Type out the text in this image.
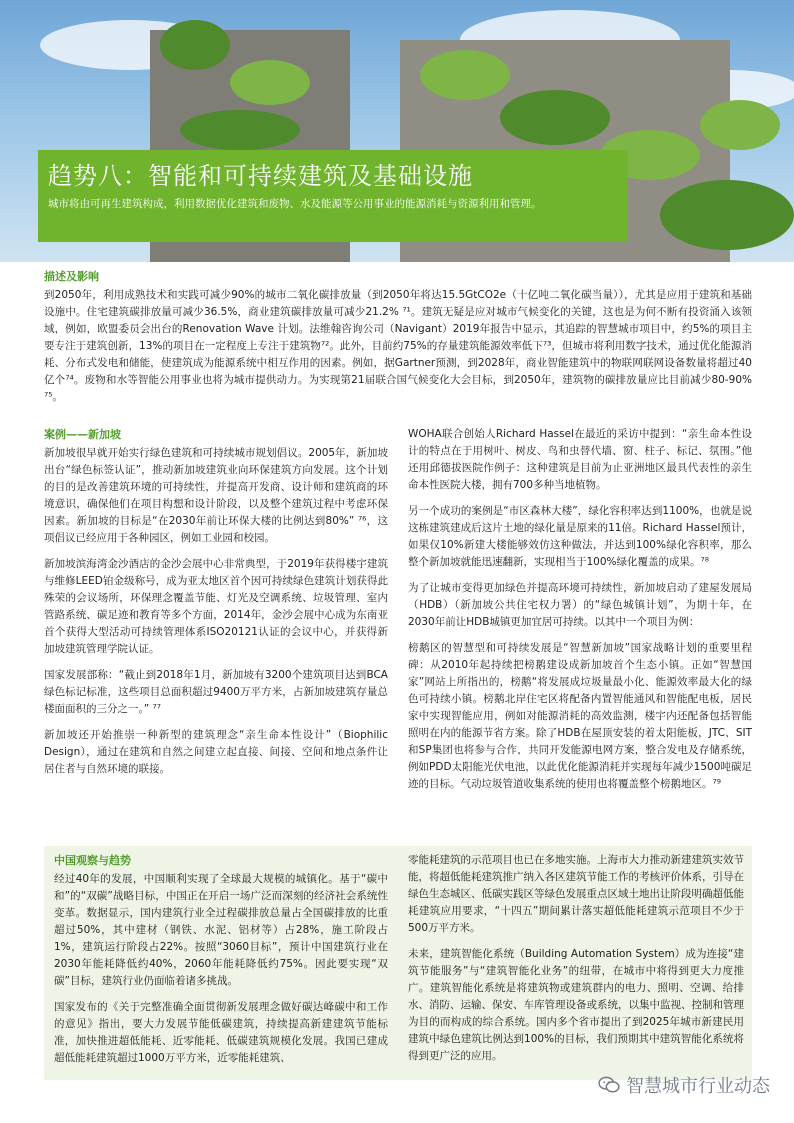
趋势八：智能和可持续建筑及基础设施

城市将由可再生建筑构成，利用数据优化建筑和废物、水及能源等公用事业的能源消耗与资源利用和管理。

描述及影响

到2050年，利用成熟技术和实践可减少90%的城市二氧化碳排放量（到2050年将达15.5GtCO2e（十亿吨二氧化碳当量）），尤其是应用于建筑和基础设施中。住宅建筑碳排放量可减少36.5%，商业建筑碳排放量可减少21.2% ⁷¹。建筑无疑是应对城市气候变化的关键，这也是为何不断有投资涌入该领域，例如，欧盟委员会出台的Renovation Wave 计划。法维翰咨询公司（Navigant）2019年报告中显示，其追踪的智慧城市项目中，约5%的项目主要专注于建筑创新，13%的项目在一定程度上专注于建筑物⁷²。此外，目前约75%的存量建筑能源效率低下⁷³，但城市将利用数字技术，通过优化能源消耗、分布式发电和储能，使建筑成为能源系统中相互作用的因素。例如，据Gartner预测，到2028年，商业智能建筑中的物联网联网设备数量将超过40亿个⁷⁴。废物和水等智能公用事业也将为城市提供动力。为实现第21届联合国气候变化大会目标，到2050年，建筑物的碳排放量应比目前减少80-90% ⁷⁵。

案例——新加坡

新加坡很早就开始实行绿色建筑和可持续城市规划倡议。2005年，新加坡出台“绿色标签认证”，推动新加坡建筑业向环保建筑方向发展。这个计划的目的是改善建筑环境的可持续性，并提高开发商、设计师和建筑商的环境意识，确保他们在项目构想和设计阶段，以及整个建筑过程中考虑环保因素。新加坡的目标是“在2030年前让环保大楼的比例达到80%” ⁷⁶，这项倡议已经应用于各种园区，例如工业园和校园。

新加坡滨海湾金沙酒店的金沙会展中心非常典型，于2019年获得楼宇建筑与维修LEED铂金级称号，成为亚太地区首个因可持续绿色建筑计划获得此殊荣的会议场所，环保理念覆盖节能、灯光及空调系统、垃圾管理、室内管路系统、碳足迹和教育等多个方面，2014年，金沙会展中心成为东南亚首个获得大型活动可持续管理体系ISO20121认证的会议中心，并获得新加坡建筑管理学院认证。

国家发展部称：“截止到2018年1月，新加坡有3200个建筑项目达到BCA绿色标记标准，这些项目总面积超过9400万平方米，占新加坡建筑存量总楼面面积的三分之一。” ⁷⁷

新加坡还开始推崇一种新型的建筑理念“亲生命本性设计”（Biophilic Design），通过在建筑和自然之间建立起直接、间接、空间和地点条件让居住者与自然环境的联接。

WOHA联合创始人Richard Hassel在最近的采访中提到：“亲生命本性设计的特点在于用树叶、树皮、鸟和虫替代墙、窗、柱子、标记、氛围。”他还用邱德拔医院作例子：这种建筑是目前为止亚洲地区最具代表性的亲生命本性医院大楼，拥有700多种当地植物。

另一个成功的案例是“市区森林大楼”，绿化容积率达到1100%，也就是说这栋建筑建成后这片土地的绿化量是原来的11倍。Richard Hassel预计，如果仅10%新建大楼能够效仿这种做法，并达到100%绿化容积率，那么整个新加坡就能迅速翻新，实现相当于100%绿化覆盖的成果。⁷⁸

为了让城市变得更加绿色并提高环境可持续性，新加坡启动了建屋发展局（HDB）（新加坡公共住宅权力署）的“绿色城镇计划”，为期十年，在2030年前让HDB城镇更加宜居可持续。以其中一个项目为例：

榜鹅区的智慧型和可持续发展是“智慧新加坡”国家战略计划的重要里程碑：从2010年起持续把榜鹅建设成新加坡首个生态小镇。正如“智慧国家”网站上所指出的，榜鹅“将发展成垃圾量最小化、能源效率最大化的绿色可持续小镇。榜鹅北岸住宅区将配备内置智能通风和智能配电板，居民家中实现智能应用，例如对能源消耗的高效监测，楼宇内还配备包括智能照明在内的能源节省方案。除了HDB在屋顶安装的着太阳能板，JTC、SIT和SP集团也将参与合作，共同开发能源电网方案，整合发电及存储系统，例如PDD太阳能光伏电池，以此优化能源消耗并实现每年减少1500吨碳足迹的目标。气动垃圾管道收集系统的使用也将覆盖整个榜鹅地区。⁷⁹

中国观察与趋势

经过40年的发展，中国顺利实现了全球最大规模的城镇化。基于“碳中和”的“双碳”战略目标，中国正在开启一场广泛而深刻的经济社会系统性变革。数据显示，国内建筑行业全过程碳排放总量占全国碳排放的比重超过50%，其中建材（钢铁、水泥、铝材等）占28%，施工阶段占1%，建筑运行阶段占22%。按照“3060目标”，预计中国建筑行业在2030年能耗降低约40%，2060年能耗降低约75%。因此要实现“双碳”目标，建筑行业仍面临着诸多挑战。

国家发布的《关于完整准确全面贯彻新发展理念做好碳达峰碳中和工作的意见》指出，要大力发展节能低碳建筑，持续提高新建建筑节能标准，加快推进超低能耗、近零能耗、低碳建筑规模化发展。我国已建成超低能耗建筑超过1000万平方米，近零能耗建筑、

零能耗建筑的示范项目也已在多地实施。上海市大力推动新建建筑实效节能，将超低能耗建筑推广纳入各区建筑节能工作的考核评价体系，引导在绿色生态城区、低碳实践区等绿色发展重点区域土地出让阶段明确超低能耗建筑应用要求，“十四五”期间累计落实超低能耗建筑示范项目不少于500万平方米。

未来，建筑智能化系统（Building Automation System）成为连接“建筑节能服务”与“建筑智能化业务”的纽带，在城市中将得到更大力度推广。建筑智能化系统是将建筑物或建筑群内的电力、照明、空调、给排水、消防、运输、保安、车库管理设备或系统，以集中监视、控制和管理为目的而构成的综合系统。国内多个省市提出了到2025年城市新建民用建筑中绿色建筑比例达到100%的目标，我们预期其中建筑智能化系统将得到更广泛的应用。

智慧城市行业动态
